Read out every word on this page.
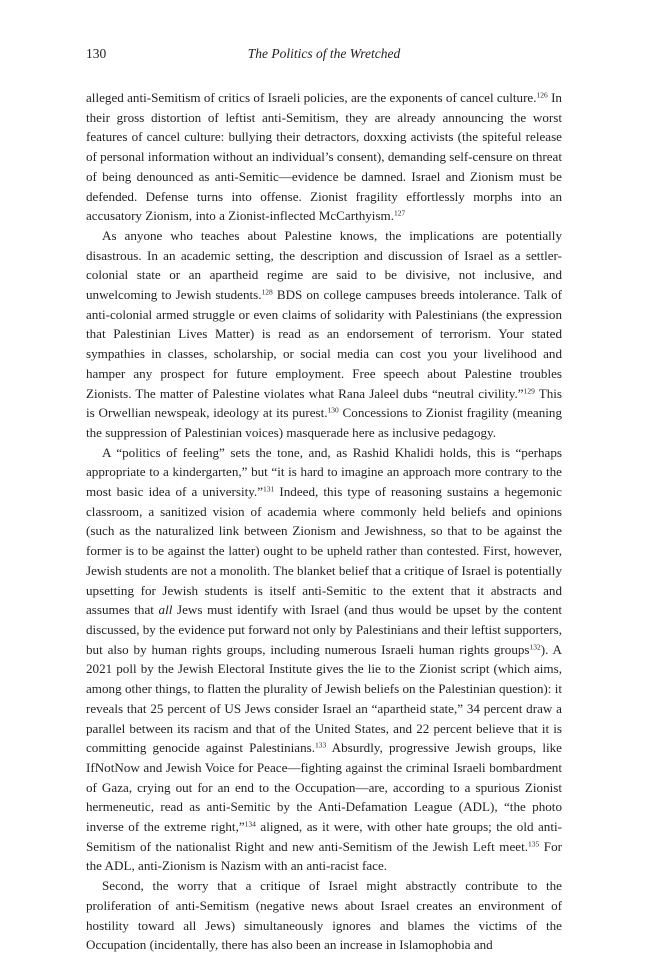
130	The Politics of the Wretched

alleged anti-Semitism of critics of Israeli policies, are the exponents of cancel culture.$^{126}$ In their gross distortion of leftist anti-Semitism, they are already announcing the worst features of cancel culture: bullying their detractors, doxxing activists (the spiteful release of personal information without an individual’s consent), demanding self-censure on threat of being denounced as anti-Semitic—evidence be damned. Israel and Zionism must be defended. Defense turns into offense. Zionist fragility effortlessly morphs into an accusatory Zionism, into a Zionist-inflected McCarthyism.$^{127}$

As anyone who teaches about Palestine knows, the implications are potentially disastrous. In an academic setting, the description and discussion of Israel as a settler-colonial state or an apartheid regime are said to be divisive, not inclusive, and unwelcoming to Jewish students.$^{128}$ BDS on college campuses breeds intolerance. Talk of anti-colonial armed struggle or even claims of solidarity with Palestinians (the expression that Palestinian Lives Matter) is read as an endorsement of terrorism. Your stated sympathies in classes, scholarship, or social media can cost you your livelihood and hamper any prospect for future employment. Free speech about Palestine troubles Zionists. The matter of Palestine violates what Rana Jaleel dubs “neutral civility.”$^{129}$ This is Orwellian newspeak, ideology at its purest.$^{130}$ Concessions to Zionist fragility (meaning the suppression of Palestinian voices) masquerade here as inclusive pedagogy.

A “politics of feeling” sets the tone, and, as Rashid Khalidi holds, this is “perhaps appropriate to a kindergarten,” but “it is hard to imagine an approach more contrary to the most basic idea of a university.”$^{131}$ Indeed, this type of reasoning sustains a hegemonic classroom, a sanitized vision of academia where commonly held beliefs and opinions (such as the naturalized link between Zionism and Jewishness, so that to be against the former is to be against the latter) ought to be upheld rather than contested. First, however, Jewish students are not a monolith. The blanket belief that a critique of Israel is potentially upsetting for Jewish students is itself anti-Semitic to the extent that it abstracts and assumes that all Jews must identify with Israel (and thus would be upset by the content discussed, by the evidence put forward not only by Palestinians and their leftist supporters, but also by human rights groups, including numerous Israeli human rights groups$^{132}$). A 2021 poll by the Jewish Electoral Institute gives the lie to the Zionist script (which aims, among other things, to flatten the plurality of Jewish beliefs on the Palestinian question): it reveals that 25 percent of US Jews consider Israel an “apartheid state,” 34 percent draw a parallel between its racism and that of the United States, and 22 percent believe that it is committing genocide against Palestinians.$^{133}$ Absurdly, progressive Jewish groups, like IfNotNow and Jewish Voice for Peace—fighting against the criminal Israeli bombardment of Gaza, crying out for an end to the Occupation—are, according to a spurious Zionist hermeneutic, read as anti-Semitic by the Anti-Defamation League (ADL), “the photo inverse of the extreme right,”$^{134}$ aligned, as it were, with other hate groups; the old anti-Semitism of the nationalist Right and new anti-Semitism of the Jewish Left meet.$^{135}$ For the ADL, anti-Zionism is Nazism with an anti-racist face.

Second, the worry that a critique of Israel might abstractly contribute to the proliferation of anti-Semitism (negative news about Israel creates an environment of hostility toward all Jews) simultaneously ignores and blames the victims of the Occupation (incidentally, there has also been an increase in Islamophobia and
